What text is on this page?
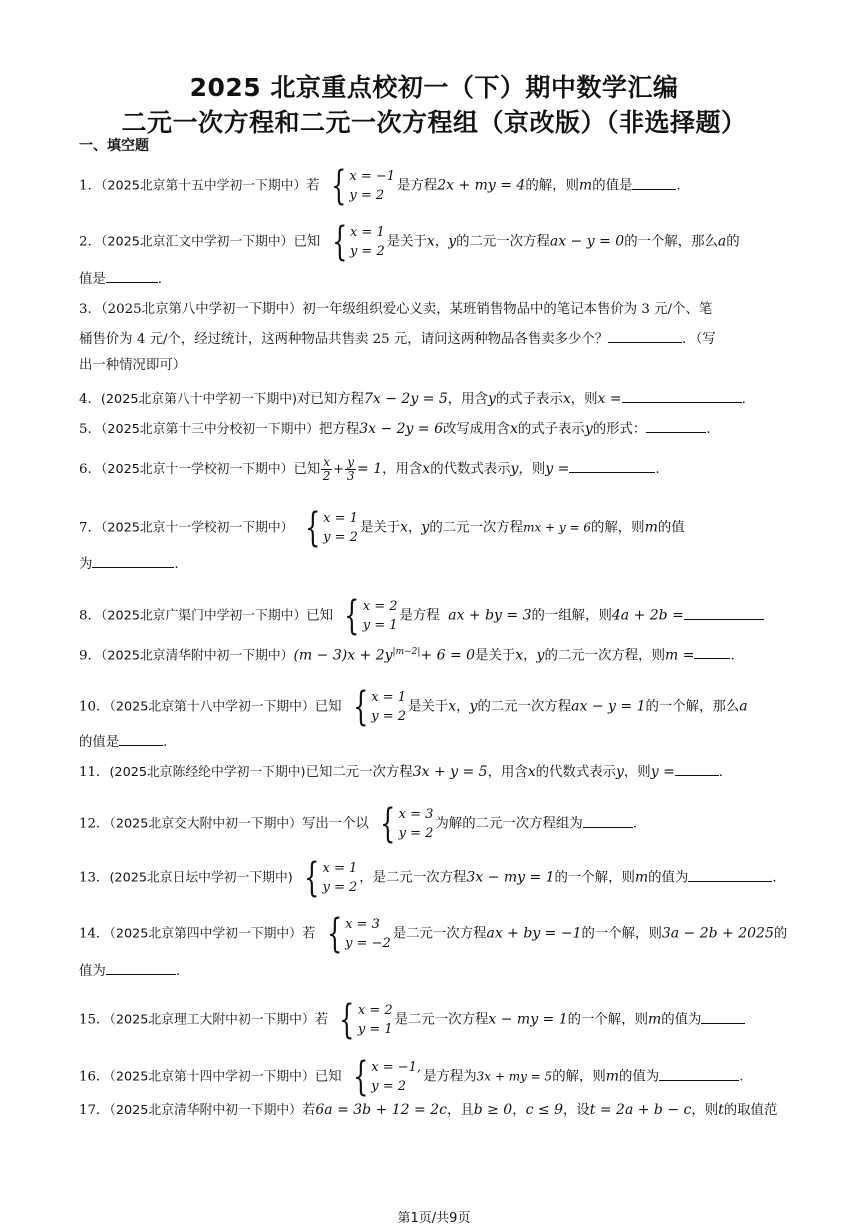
2025 北京重点校初一（下）期中数学汇编
二元一次方程和二元一次方程组（京改版）（非选择题）
一、填空题
1．（2025北京第十五中学初一下期中）若 { x = −1
y = 2
是方程2x + my = 4的解，则m的值是	.
2．（2025北京汇文中学初一下期中）已知 { x = 1
y = 2
是关于x，y的二元一次方程ax − y = 0的一个解，那么a的
值是	.
3．（2025北京第八中学初一下期中）初一年级组织爱心义卖，某班销售物品中的笔记本售价为 3 元/个、笔
桶售价为 4 元/个，经过统计，这两种物品共售卖 25 元，请问这两种物品各售卖多少个？	．（写
出一种情况即可）
4．(2025北京第八十中学初一下期中)对已知方程7x − 2y = 5，用含y的式子表示x，则x =	.
5．（2025北京第十三中分校初一下期中）把方程3x − 2y = 6改写成用含x的式子表示y的形式：	.
6．（2025北京十一学校初一下期中）已知 $\frac{x}{2} + \frac{y}{3} = 1$，用含x的代数式表示y，则y =	.
7．（2025北京十一学校初一下期中） { x = 1
y = 2
是关于x，y的二元一次方程mx + y = 6的解，则m的值
为	.
8．（2025北京广渠门中学初一下期中）已知 { x = 2
y = 1
是方程 ax + by = 3的一组解，则4a + 2b =
9．（2025北京清华附中初一下期中）$(m - 3)x + 2y^{|m-2|}+ 6 = 0$是关于x，y的二元一次方程，则m =	.
10．（2025北京第十八中学初一下期中）已知 { x = 1
y = 2
是关于x，y的二元一次方程ax − y = 1的一个解，那么a
的值是	.
11．(2025北京陈经纶中学初一下期中)已知二元一次方程3x + y = 5，用含x的代数式表示y，则y =	.
12．（2025北京交大附中初一下期中）写出一个以 { x = 3
y = 2
为解的二元一次方程组为	.
13．(2025北京日坛中学初一下期中) { x = 1
y = 2
，是二元一次方程3x − my = 1的一个解，则m的值为	.
14．（2025北京第四中学初一下期中）若 { x = 3
y = −2
是二元一次方程ax + by = −1的一个解，则3a − 2b + 2025的
值为	.
15．（2025北京理工大附中初一下期中）若 { x = 2
y = 1
是二元一次方程x − my = 1的一个解，则m的值为
16．（2025北京第十四中学初一下期中）已知 { x = −1,
y = 2
是方程为3x + my = 5的解，则m的值为	.
17．（2025北京清华附中初一下期中）若6a = 3b + 12 = 2c，且b ≥ 0，c ≤ 9，设t = 2a + b − c，则t的取值范
第1页/共9页
